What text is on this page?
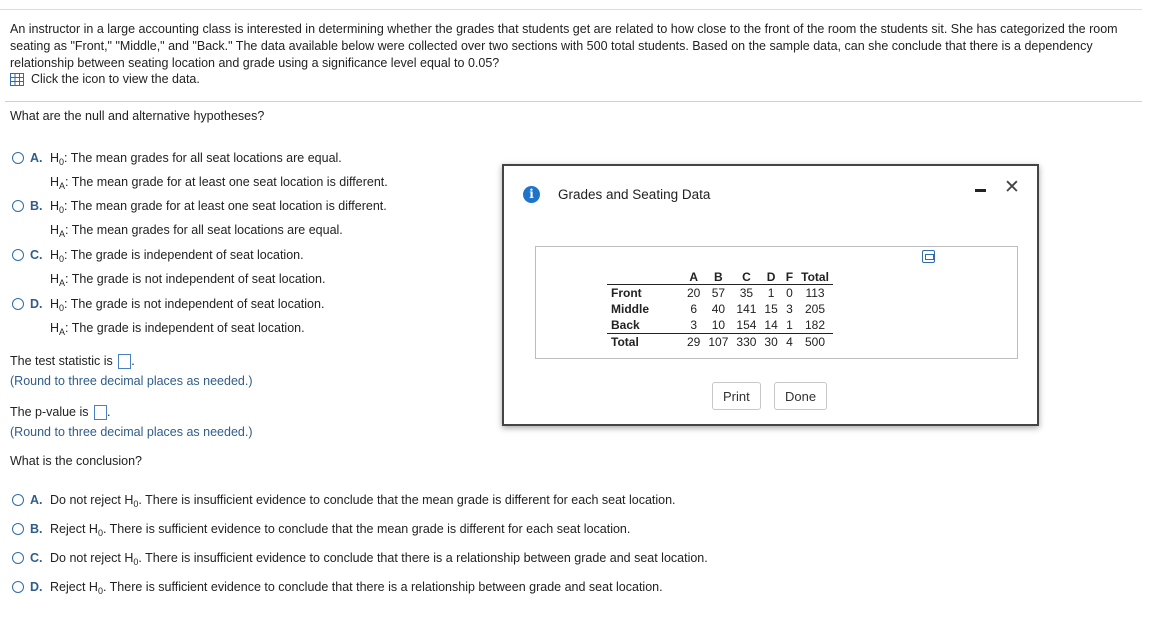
An instructor in a large accounting class is interested in determining whether the grades that students get are related to how close to the front of the room the students sit. She has categorized the room seating as "Front," "Middle," and "Back." The data available below were collected over two sections with 500 total students. Based on the sample data, can she conclude that there is a dependency relationship between seating location and grade using a significance level equal to 0.05?
Click the icon to view the data.
What are the null and alternative hypotheses?
A. $H_0$: The mean grades for all seat locations are equal.
$H_A$: The mean grade for at least one seat location is different.
B. $H_0$: The mean grade for at least one seat location is different.
$H_A$: The mean grades for all seat locations are equal.
C. $H_0$: The grade is independent of seat location.
$H_A$: The grade is not independent of seat location.
D. $H_0$: The grade is not independent of seat location.
$H_A$: The grade is independent of seat location.
The test statistic is .
(Round to three decimal places as needed.)
The p-value is .
(Round to three decimal places as needed.)
What is the conclusion?
A. Do not reject $H_0$. There is insufficient evidence to conclude that the mean grade is different for each seat location.
B. Reject $H_0$. There is sufficient evidence to conclude that the mean grade is different for each seat location.
C. Do not reject $H_0$. There is insufficient evidence to conclude that there is a relationship between grade and seat location.
D. Reject $H_0$. There is sufficient evidence to conclude that there is a relationship between grade and seat location.
i	Grades and Seating Data	✕
	A	B	C	D	F	Total
Front	20	57	35	1	0	113
Middle	6	40	141	15	3	205
Back	3	10	154	14	1	182
Total	29	107	330	30	4	500
Print	Done
